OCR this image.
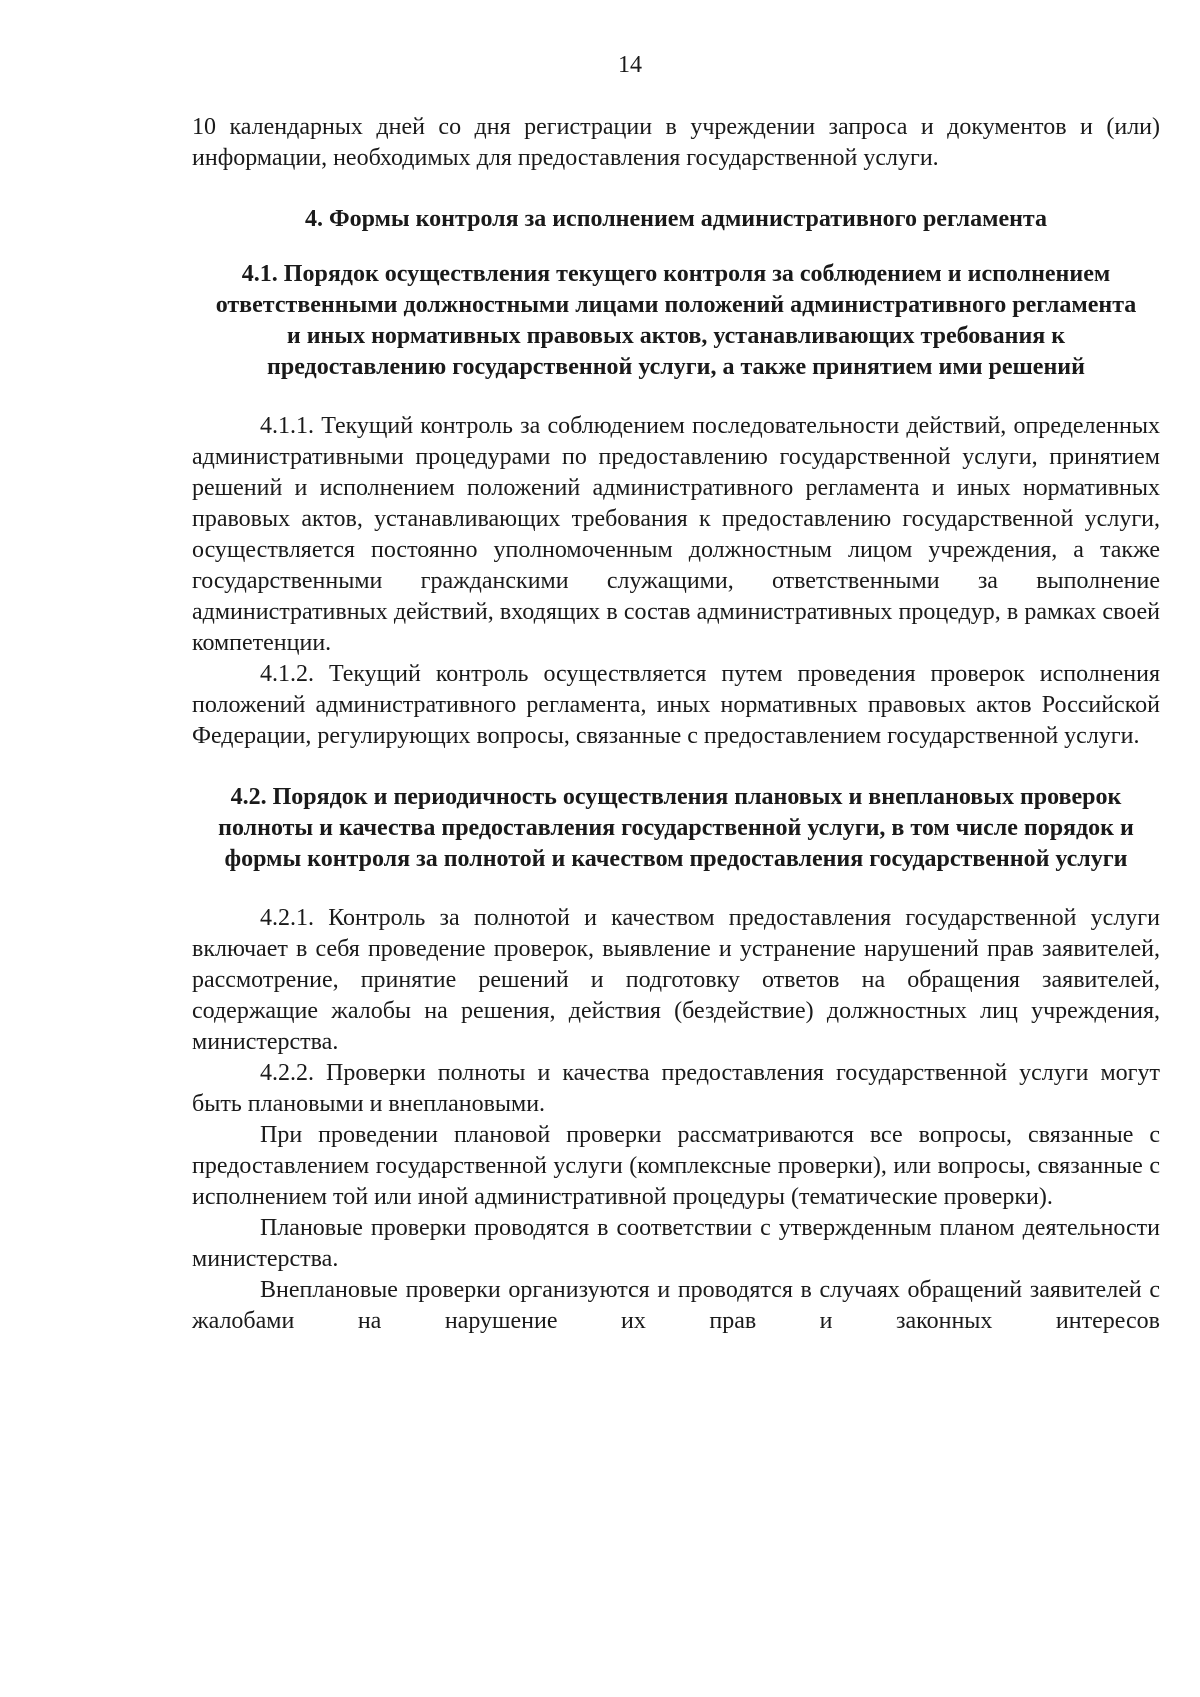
14

10 календарных дней со дня регистрации в учреждении запроса и документов и (или) информации, необходимых для предоставления государственной услуги.

4. Формы контроля за исполнением административного регламента
4.1. Порядок осуществления текущего контроля за соблюдением и исполнением ответственными должностными лицами положений административного регламента и иных нормативных правовых актов, устанавливающих требования к предоставлению государственной услуги, а также принятием ими решений

4.1.1. Текущий контроль за соблюдением последовательности действий, определенных административными процедурами по предоставлению государственной услуги, принятием решений и исполнением положений административного регламента и иных нормативных правовых актов, устанавливающих требования к предоставлению государственной услуги, осуществляется постоянно уполномоченным должностным лицом учреждения, а также государственными гражданскими служащими, ответственными за выполнение административных действий, входящих в состав административных процедур, в рамках своей компетенции.

4.1.2. Текущий контроль осуществляется путем проведения проверок исполнения положений административного регламента, иных нормативных правовых актов Российской Федерации, регулирующих вопросы, связанные с предоставлением государственной услуги.

4.2. Порядок и периодичность осуществления плановых и внеплановых проверок полноты и качества предоставления государственной услуги, в том числе порядок и формы контроля за полнотой и качеством предоставления государственной услуги

4.2.1. Контроль за полнотой и качеством предоставления государственной услуги включает в себя проведение проверок, выявление и устранение нарушений прав заявителей, рассмотрение, принятие решений и подготовку ответов на обращения заявителей, содержащие жалобы на решения, действия (бездействие) должностных лиц учреждения, министерства.

4.2.2. Проверки полноты и качества предоставления государственной услуги могут быть плановыми и внеплановыми.

При проведении плановой проверки рассматриваются все вопросы, связанные с предоставлением государственной услуги (комплексные проверки), или вопросы, связанные с исполнением той или иной административной процедуры (тематические проверки).

Плановые проверки проводятся в соответствии с утвержденным планом деятельности министерства.

Внеплановые проверки организуются и проводятся в случаях обращений заявителей с жалобами на нарушение их прав и законных интересов
